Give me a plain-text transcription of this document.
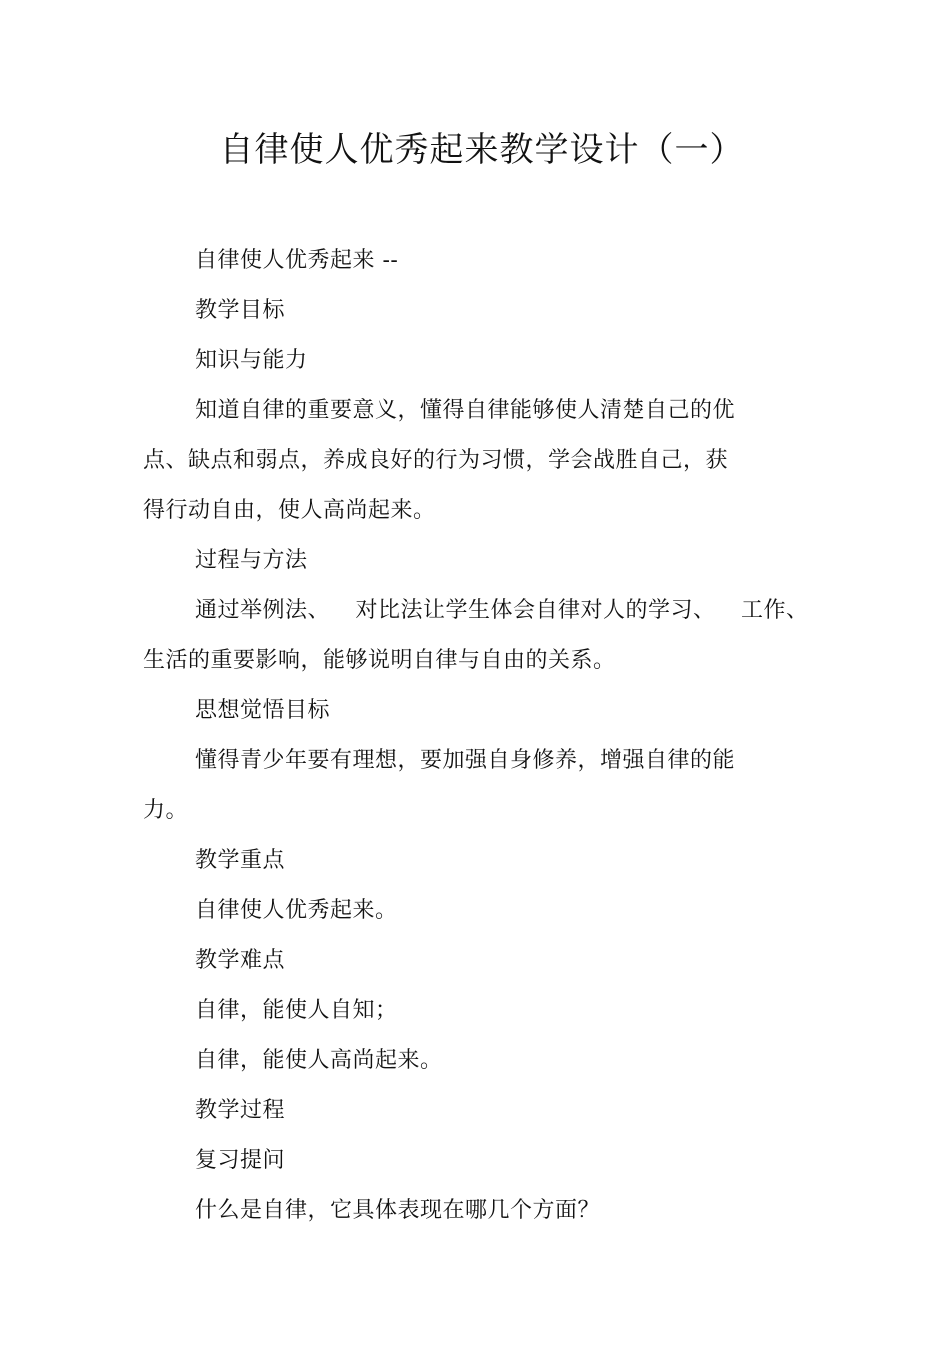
自律使人优秀起来教学设计（一）
自律使人优秀起来 --
教学目标
知识与能力
知道自律的重要意义，懂得自律能够使人清楚自己的优
点、缺点和弱点，养成良好的行为习惯，学会战胜自己，获
得行动自由，使人高尚起来。
过程与方法
通过举例法、 对比法让学生体会自律对人的学习、 工作、
生活的重要影响，能够说明自律与自由的关系。
思想觉悟目标
懂得青少年要有理想，要加强自身修养，增强自律的能
力。
教学重点
自律使人优秀起来。
教学难点
自律，能使人自知；
自律，能使人高尚起来。
教学过程
复习提问
什么是自律，它具体表现在哪几个方面？
